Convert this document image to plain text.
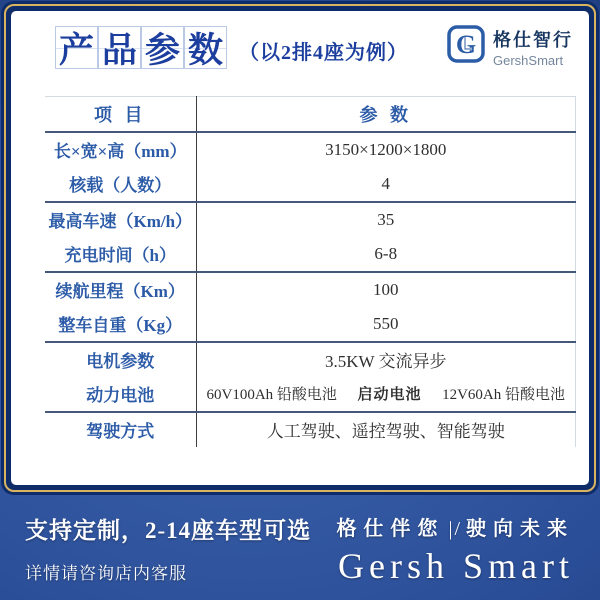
产 品 参 数 （以2排4座为例） G 格仕智行
GershSmart
项 目	参 数
长×宽×高（mm）	3150×1200×1800
核载（人数）	4
最高车速（Km/h）	35
充电时间（h）	6-8
续航里程（Km）	100
整车自重（Kg）	550
电机参数	3.5KW 交流异步
动力电池	60V100Ah 铅酸电池 启动电池 12V60Ah 铅酸电池

驾驶方式	人工驾驶、遥控驾驶、智能驾驶
支持定制，2-14座车型可选
详情请咨询店内客服
格仕伴您 |/ 驶向未来
Gersh Smart
